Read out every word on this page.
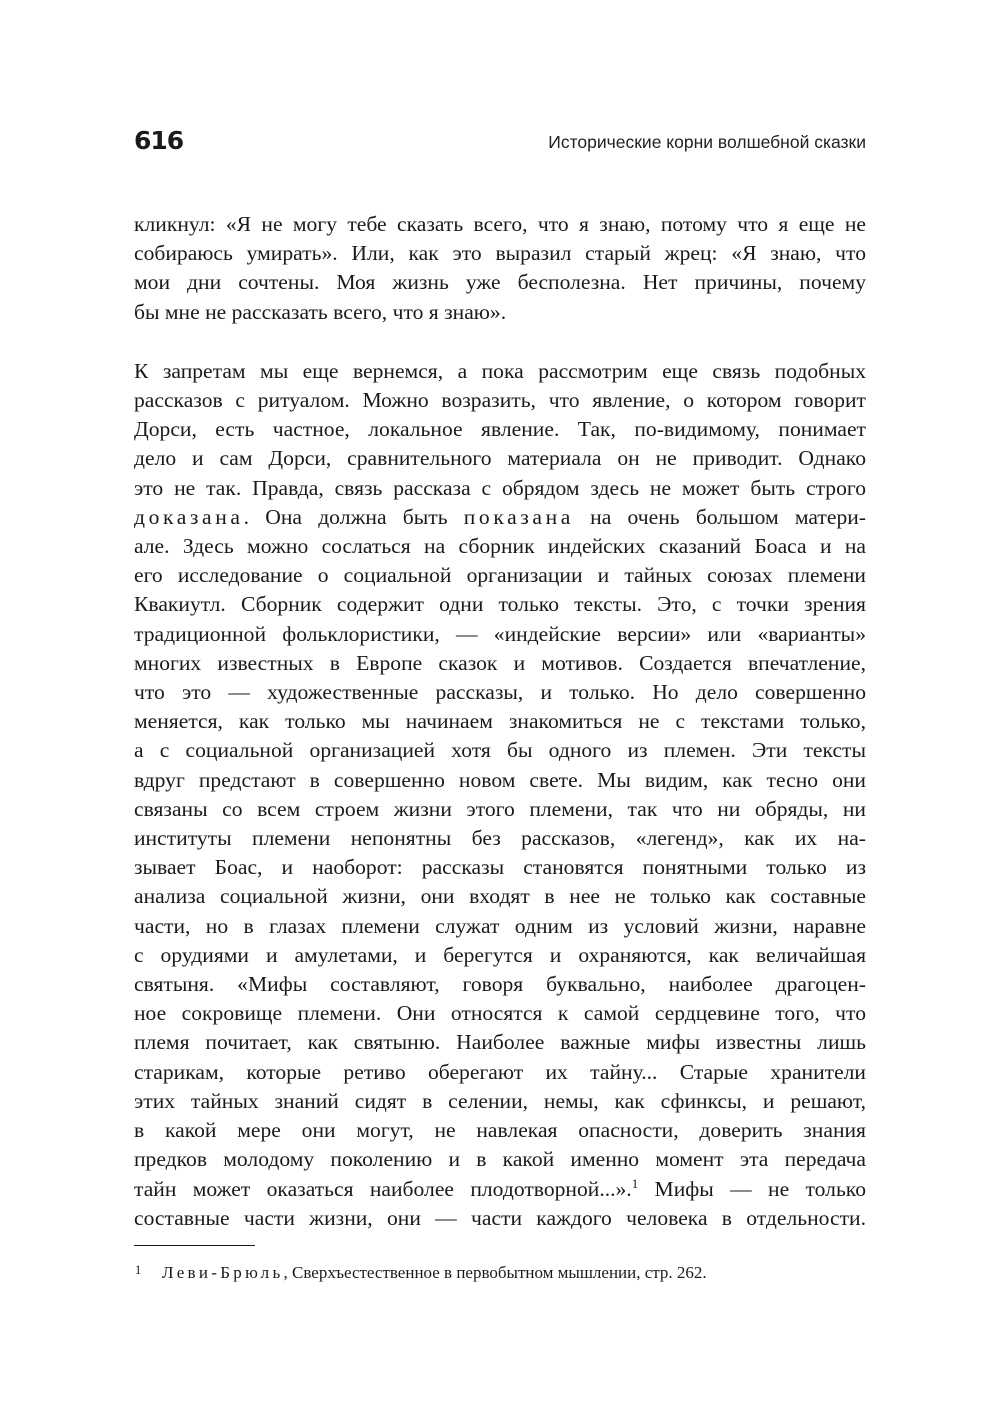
616	Исторические корни волшебной сказки
кликнул: «Я не могу тебе сказать всего, что я знаю, потому что я еще не
собираюсь умирать». Или, как это выразил старый жрец: «Я знаю, что
мои дни сочтены. Моя жизнь уже бесполезна. Нет причины, почему
бы мне не рассказать всего, что я знаю».
К запретам мы еще вернемся, а пока рассмотрим еще связь подобных
рассказов с ритуалом. Можно возразить, что явление, о котором говорит
Дорси, есть частное, локальное явление. Так, по-видимому, понимает
дело и сам Дорси, сравнительного материала он не приводит. Однако
это не так. Правда, связь рассказа с обрядом здесь не может быть строго
доказана. Она должна быть показана на очень большом матери-
але. Здесь можно сослаться на сборник индейских сказаний Боаса и на
его исследование о социальной организации и тайных союзах племени
Квакиутл. Сборник содержит одни только тексты. Это, с точки зрения
традиционной фольклористики, — «индейские версии» или «варианты»
многих известных в Европе сказок и мотивов. Создается впечатление,
что это — художественные рассказы, и только. Но дело совершенно
меняется, как только мы начинаем знакомиться не с текстами только,
а с социальной организацией хотя бы одного из племен. Эти тексты
вдруг предстают в совершенно новом свете. Мы видим, как тесно они
связаны со всем строем жизни этого племени, так что ни обряды, ни
институты племени непонятны без рассказов, «легенд», как их на-
зывает Боас, и наоборот: рассказы становятся понятными только из
анализа социальной жизни, они входят в нее не только как составные
части, но в глазах племени служат одним из условий жизни, наравне
с орудиями и амулетами, и берегутся и охраняются, как величайшая
святыня. «Мифы составляют, говоря буквально, наиболее драгоцен-
ное сокровище племени. Они относятся к самой сердцевине того, что
племя почитает, как святыню. Наиболее важные мифы известны лишь
старикам, которые ретиво оберегают их тайну... Старые хранители
этих тайных знаний сидят в селении, немы, как сфинксы, и решают,
в какой мере они могут, не навлекая опасности, доверить знания
предков молодому поколению и в какой именно момент эта передача
тайн может оказаться наиболее плодотворной...».$^1$ Мифы — не только
составные части жизни, они — части каждого человека в отдельности.
1 Леви-Брюль, Сверхъестественное в первобытном мышлении, стр. 262.
